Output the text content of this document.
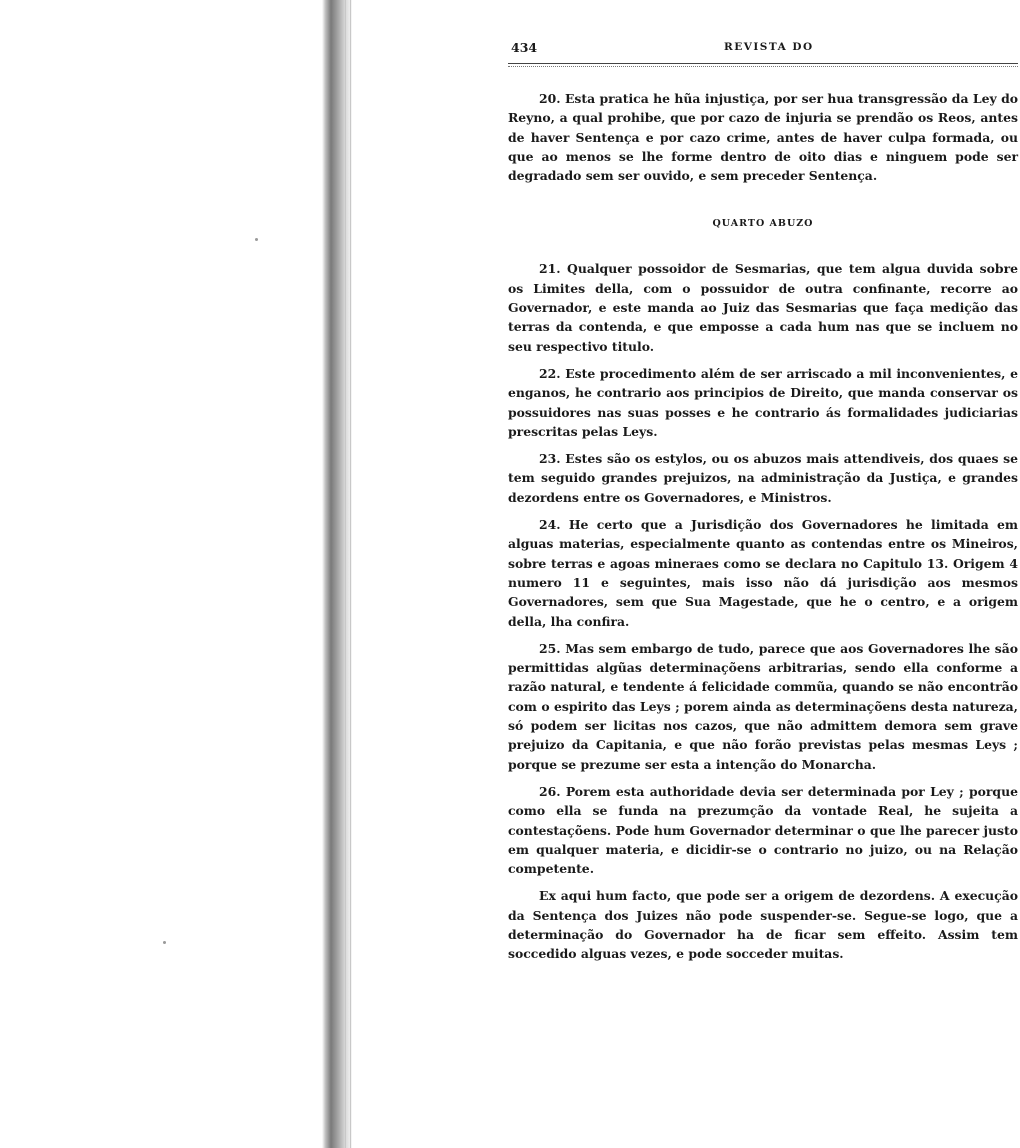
434	REVISTA DO

20. Esta pratica he hũa injustiça, por ser hua transgressão da Ley do Reyno, a qual prohibe, que por cazo de injuria se prendão os Reos, antes de haver Sentença e por cazo crime, antes de haver culpa formada, ou que ao menos se lhe forme dentro de oito dias e ninguem pode ser degradado sem ser ouvido, e sem preceder Sentença.

QUARTO ABUZO

21. Qualquer possoidor de Sesmarias, que tem algua duvida sobre os Limites della, com o possuidor de outra confinante, recorre ao Governador, e este manda ao Juiz das Sesmarias que faça medição das terras da contenda, e que emposse a cada hum nas que se incluem no seu respectivo titulo.

22. Este procedimento além de ser arriscado a mil inconvenientes, e enganos, he contrario aos principios de Direito, que manda conservar os possuidores nas suas posses e he contrario ás formalidades judiciarias prescritas pelas Leys.

23. Estes são os estylos, ou os abuzos mais attendiveis, dos quaes se tem seguido grandes prejuizos, na administração da Justiça, e grandes dezordens entre os Governadores, e Ministros.

24. He certo que a Jurisdição dos Governadores he limitada em alguas materias, especialmente quanto as contendas entre os Mineiros, sobre terras e agoas mineraes como se declara no Capitulo 13. Origem 4 numero 11 e seguintes, mais isso não dá jurisdição aos mesmos Governadores, sem que Sua Magestade, que he o centro, e a origem della, lha confira.

25. Mas sem embargo de tudo, parece que aos Governadores lhe são permittidas algũas determinaçõens arbitrarias, sendo ella conforme a razão natural, e tendente á felicidade commũa, quando se não encontrão com o espirito das Leys ; porem ainda as determinaçõens desta natureza, só podem ser licitas nos cazos, que não admittem demora sem grave prejuizo da Capitania, e que não forão previstas pelas mesmas Leys ; porque se prezume ser esta a intenção do Monarcha.

26. Porem esta authoridade devia ser determinada por Ley ; porque como ella se funda na prezumção da vontade Real, he sujeita a contestaçõens. Pode hum Governador determinar o que lhe parecer justo em qualquer materia, e dicidir-se o contrario no juizo, ou na Relação competente.

Ex aqui hum facto, que pode ser a origem de dezordens. A execução da Sentença dos Juizes não pode suspender-se. Segue-se logo, que a determinação do Governador ha de ficar sem effeito. Assim tem soccedido alguas vezes, e pode socceder muitas.
